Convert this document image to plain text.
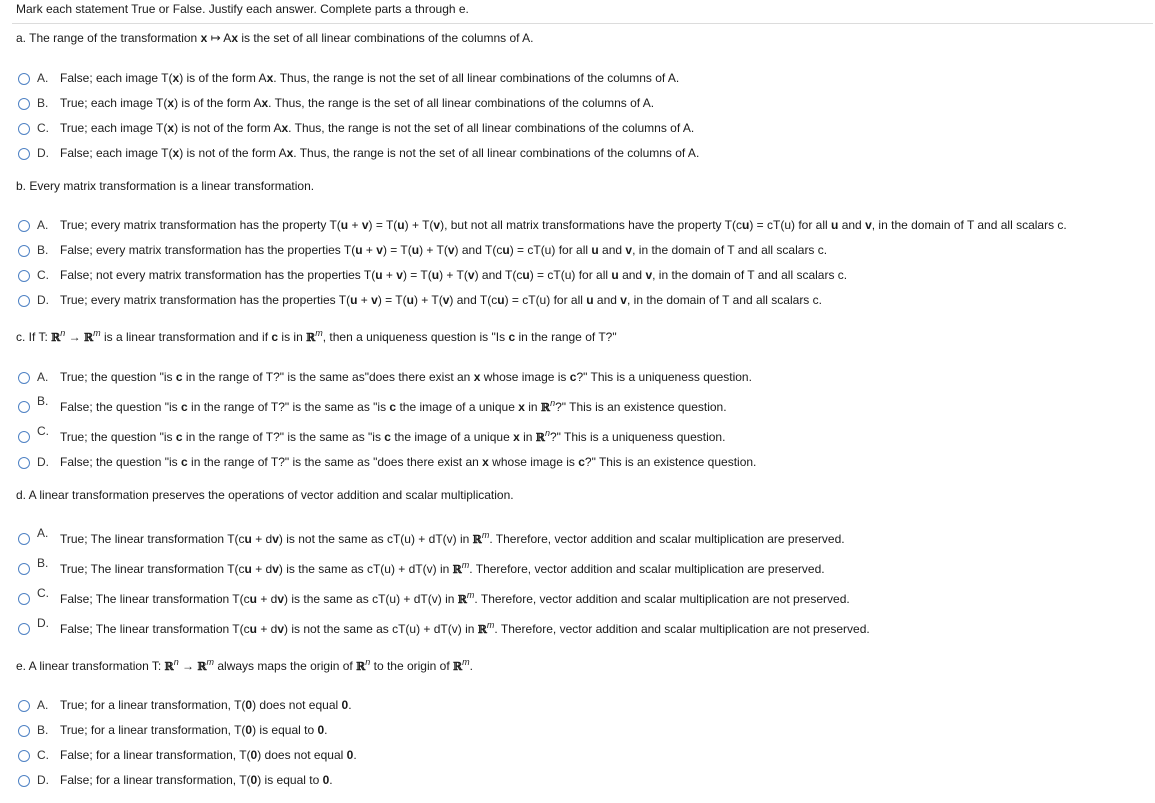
Mark each statement True or False. Justify each answer. Complete parts a through e.
a. The range of the transformation x ↦ Ax is the set of all linear combinations of the columns of A.
A. False; each image T(x) is of the form Ax. Thus, the range is not the set of all linear combinations of the columns of A.
B. True; each image T(x) is of the form Ax. Thus, the range is the set of all linear combinations of the columns of A.
C. True; each image T(x) is not of the form Ax. Thus, the range is not the set of all linear combinations of the columns of A.
D. False; each image T(x) is not of the form Ax. Thus, the range is not the set of all linear combinations of the columns of A.
b. Every matrix transformation is a linear transformation.
A. True; every matrix transformation has the property T(u + v) = T(u) + T(v), but not all matrix transformations have the property T(cu) = cT(u) for all u and v, in the domain of T and all scalars c.
B. False; every matrix transformation has the properties T(u + v) = T(u) + T(v) and T(cu) = cT(u) for all u and v, in the domain of T and all scalars c.
C. False; not every matrix transformation has the properties T(u + v) = T(u) + T(v) and T(cu) = cT(u) for all u and v, in the domain of T and all scalars c.
D. True; every matrix transformation has the properties T(u + v) = T(u) + T(v) and T(cu) = cT(u) for all u and v, in the domain of T and all scalars c.
c. If T: ℝ$^n$ → ℝ$^m$ is a linear transformation and if c is in ℝ$^m$, then a uniqueness question is "Is c in the range of T?"
A. True; the question "is c in the range of T?" is the same as"does there exist an x whose image is c?" This is a uniqueness question.
B. False; the question "is c in the range of T?" is the same as "is c the image of a unique x in ℝ$^n$?" This is an existence question.
C. True; the question "is c in the range of T?" is the same as "is c the image of a unique x in ℝ$^n$?" This is a uniqueness question.
D. False; the question "is c in the range of T?" is the same as "does there exist an x whose image is c?" This is an existence question.
d. A linear transformation preserves the operations of vector addition and scalar multiplication.
A. True; The linear transformation T(cu + dv) is not the same as cT(u) + dT(v) in ℝ$^m$. Therefore, vector addition and scalar multiplication are preserved.
B. True; The linear transformation T(cu + dv) is the same as cT(u) + dT(v) in ℝ$^m$. Therefore, vector addition and scalar multiplication are preserved.
C. False; The linear transformation T(cu + dv) is the same as cT(u) + dT(v) in ℝ$^m$. Therefore, vector addition and scalar multiplication are not preserved.
D. False; The linear transformation T(cu + dv) is not the same as cT(u) + dT(v) in ℝ$^m$. Therefore, vector addition and scalar multiplication are not preserved.
e. A linear transformation T: ℝ$^n$ → ℝ$^m$ always maps the origin of ℝ$^n$ to the origin of ℝ$^m$.
A. True; for a linear transformation, T(0) does not equal 0.
B. True; for a linear transformation, T(0) is equal to 0.
C. False; for a linear transformation, T(0) does not equal 0.
D. False; for a linear transformation, T(0) is equal to 0.
